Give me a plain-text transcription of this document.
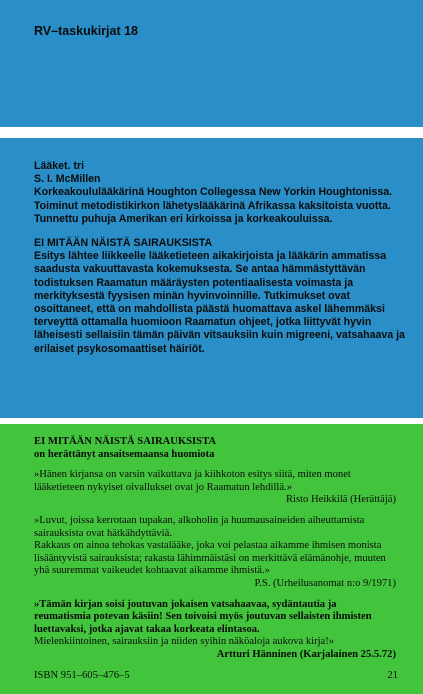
RV–taskukirjat 18

Lääket. tri

S. I. McMillen

Korkeakoululääkärinä Houghton Collegessa New Yorkin Houghtonissa. Toiminut metodistikirkon lähetyslääkärinä Afrikassa kaksitoista vuotta. Tunnettu puhuja Amerikan eri kirkoissa ja korkeakouluissa.

EI MITÄÄN NÄISTÄ SAIRAUKSISTA

Esitys lähtee liikkeelle lääketieteen aikakirjoista ja lääkärin ammatissa saadusta vakuuttavasta kokemuksesta. Se antaa hämmästyttävän todistuksen Raamatun määräysten potentiaalisesta voimasta ja merkityksestä fyysisen minän hyvinvoinnille. Tutkimukset ovat osoittaneet, että on mahdollista päästä huomattava askel lähemmäksi terveyttä ottamalla huomioon Raamatun ohjeet, jotka liittyvät hyvin läheisesti sellaisiin tämän päivän vitsauksiin kuin migreeni, vatsahaava ja erilaiset psykosomaattiset häiriöt.

EI MITÄÄN NÄISTÄ SAIRAUKSISTA

on herättänyt ansaitsemaansa huomiota

»Hänen kirjansa on varsin vaikuttava ja kiihkoton esitys siitä, miten monet lääketieteen nykyiset oivallukset ovat jo Raamatun lehdillä.»

Risto Heikkilä (Herättäjä)

»Luvut, joissa kerrotaan tupakan, alkoholin ja huumausaineiden aiheuttamista sairauksista ovat hätkähdyttäviä.

Rakkaus on ainoa tehokas vastalääke, joka voi pelastaa aikamme ihmisen monista lisääntyvistä sairauksista; rakasta lähimmäistäsi on merkittävä elämänohje, muuten yhä suuremmat vaikeudet kohtaavat aikamme ihmistä.»

P.S. (Urheilusanomat n:o 9/1971)

»Tämän kirjan soisi joutuvan jokaisen vatsahaavaa, sydäntautia ja reumatismia potevan käsiin! Sen toivoisi myös joutuvan sellaisten ihmisten luettavaksi, jotka ajavat takaa korkeata elintasoa.

Mielenkiintoinen, sairauksiin ja niiden syihin näköaloja aukova kirja!»

Artturi Hänninen (Karjalainen 25.5.72)

ISBN 951–605–476–5	21
